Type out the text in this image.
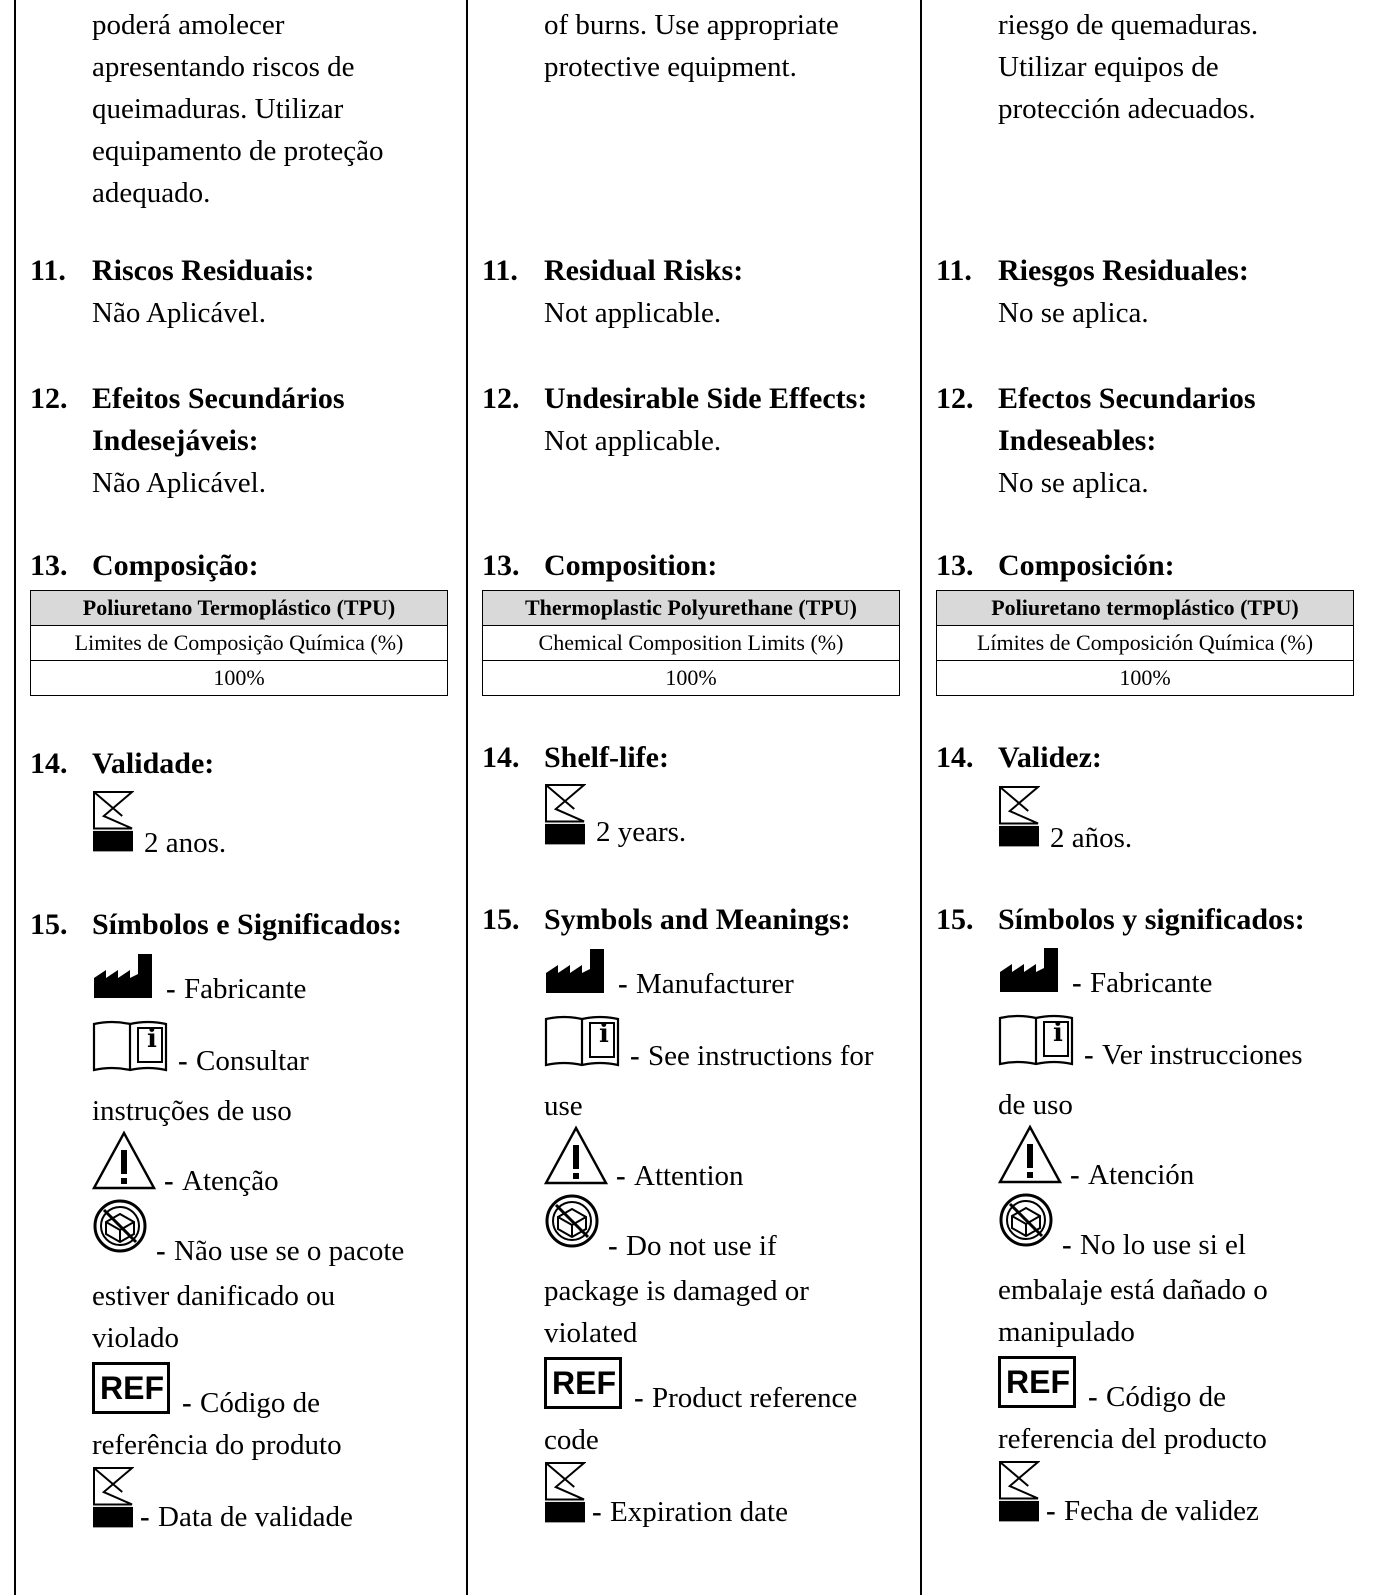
poderá amolecer
apresentando riscos de
queimaduras. Utilizar
equipamento de proteção
adequado.
11. Riscos Residuais:
Não Aplicável.
12. Efeitos Secundários
Indesejáveis:
Não Aplicável.
13. Composição:
Poliuretano Termoplástico (TPU)
Limites de Composição Química (%)
100%
14. Validade:
2 anos.
15. Símbolos e Significados:
- Fabricante
i
- Consultar
instruções de uso
- Atenção
- Não use se o pacote
estiver danificado ou
violado
REF - Código de
referência do produto
- Data de validade
of burns. Use appropriate
protective equipment.
11. Residual Risks:
Not applicable.
12. Undesirable Side Effects:
Not applicable.
13. Composition:
Thermoplastic Polyurethane (TPU)
Chemical Composition Limits (%)
100%
14. Shelf-life:
2 years.
15. Symbols and Meanings:
- Manufacturer
i
- See instructions for
use
- Attention
- Do not use if
package is damaged or
violated
REF - Product reference
code
- Expiration date
riesgo de quemaduras.
Utilizar equipos de
protección adecuados.
11. Riesgos Residuales:
No se aplica.
12. Efectos Secundarios
Indeseables:
No se aplica.
13. Composición:
Poliuretano termoplástico (TPU)
Límites de Composición Química (%)
100%
14. Validez:
2 años.
15. Símbolos y significados:
- Fabricante
i
- Ver instrucciones
de uso
- Atención
- No lo use si el
embalaje está dañado o
manipulado
REF - Código de
referencia del producto
- Fecha de validez
